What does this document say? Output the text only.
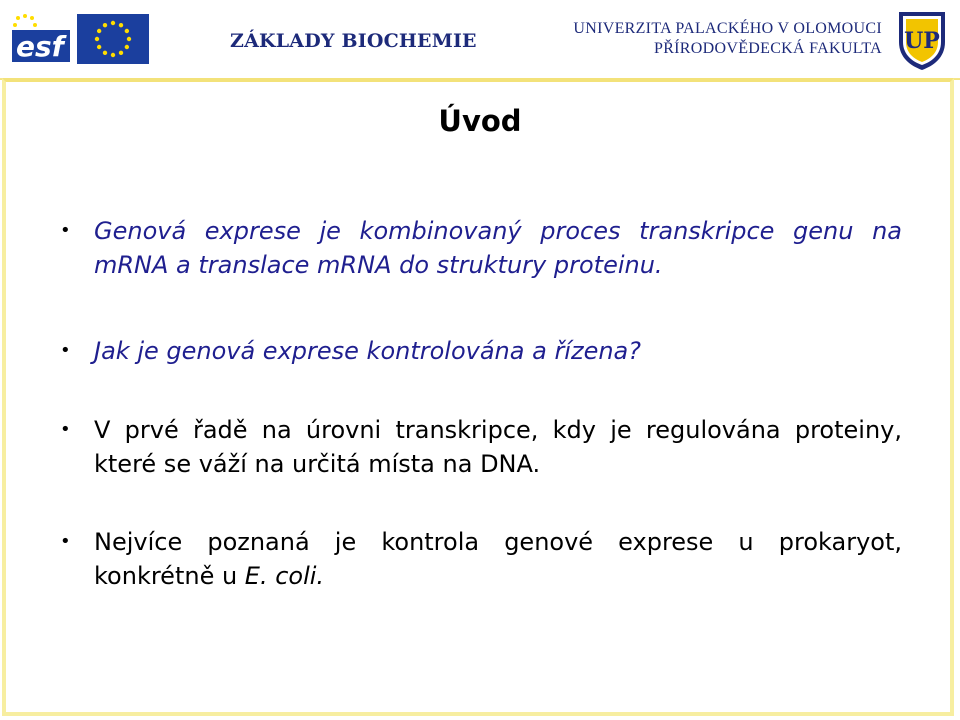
esf	ZÁKLADY BIOCHEMIE
UNIVERZITA PALACKÉHO V OLOMOUCI
PŘÍRODOVĚDECKÁ FAKULTA UP
Úvod
• Genová exprese je kombinovaný proces transkripce genu na mRNA a translace mRNA do struktury proteinu.
• Jak je genová exprese kontrolována a řízena?
• V prvé řadě na úrovni transkripce, kdy je regulována proteiny, které se váží na určitá místa na DNA.
• Nejvíce poznaná je kontrola genové exprese u prokaryot, konkrétně u E. coli.
